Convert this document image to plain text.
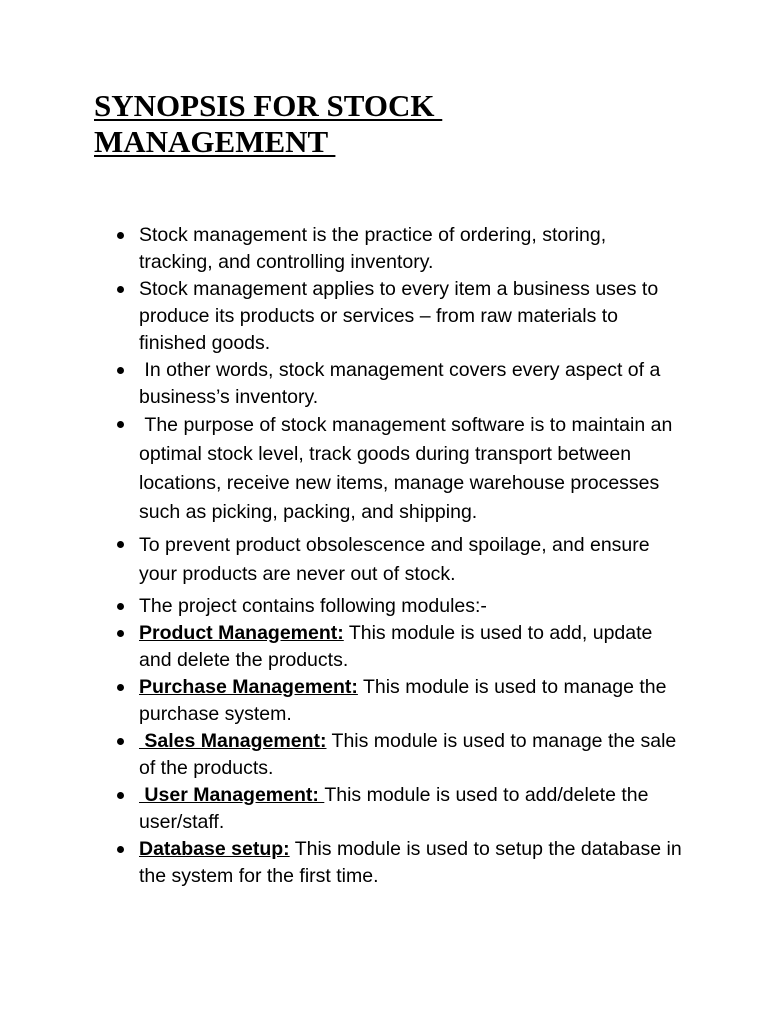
SYNOPSIS FOR STOCK
MANAGEMENT
Stock management is the practice of ordering, storing, tracking, and controlling inventory.
Stock management applies to every item a business uses to produce its products or services – from raw materials to finished goods.
In other words, stock management covers every aspect of a business’s inventory.
The purpose of stock management software is to maintain an optimal stock level, track goods during transport between locations, receive new items, manage warehouse processes such as picking, packing, and shipping.
To prevent product obsolescence and spoilage, and ensure your products are never out of stock.
The project contains following modules:-
Product Management: This module is used to add, update and delete the products.
Purchase Management: This module is used to manage the purchase system.
Sales Management: This module is used to manage the sale of the products.
User Management: This module is used to add/delete the user/staff.
Database setup: This module is used to setup the database in the system for the first time.
